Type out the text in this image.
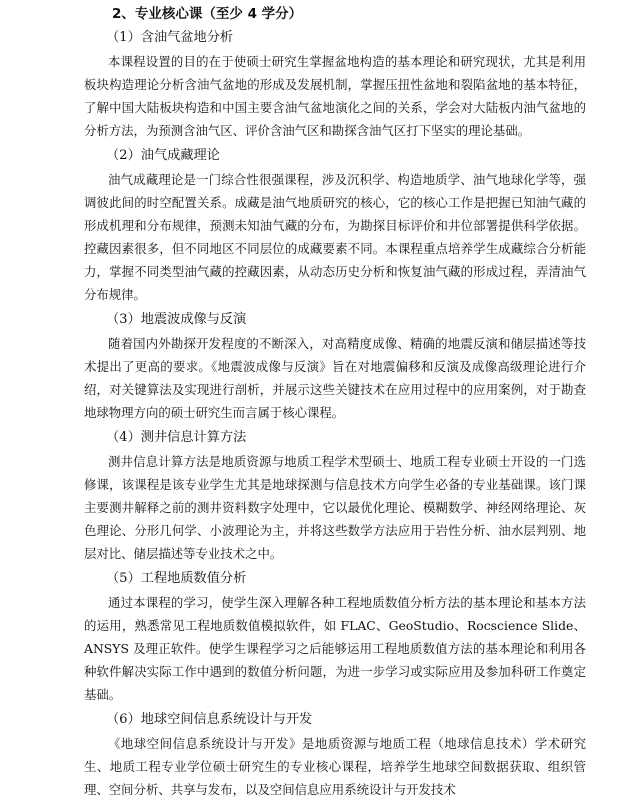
2、专业核心课（至少 4 学分）
（1）含油气盆地分析

本课程设置的目的在于使硕士研究生掌握盆地构造的基本理论和研究现状，尤其是利用板块构造理论分析含油气盆地的形成及发展机制，掌握压扭性盆地和裂陷盆地的基本特征，了解中国大陆板块构造和中国主要含油气盆地演化之间的关系，学会对大陆板内油气盆地的分析方法，为预测含油气区、评价含油气区和勘探含油气区打下坚实的理论基础。

（2）油气成藏理论

油气成藏理论是一门综合性很强课程，涉及沉积学、构造地质学、油气地球化学等，强调彼此间的时空配置关系。成藏是油气地质研究的核心，它的核心工作是把握已知油气藏的形成机理和分布规律，预测未知油气藏的分布，为勘探目标评价和井位部署提供科学依据。控藏因素很多，但不同地区不同层位的成藏要素不同。本课程重点培养学生成藏综合分析能力，掌握不同类型油气藏的控藏因素，从动态历史分析和恢复油气藏的形成过程，弄清油气分布规律。

（3）地震波成像与反演

随着国内外勘探开发程度的不断深入，对高精度成像、精确的地震反演和储层描述等技术提出了更高的要求。《地震波成像与反演》旨在对地震偏移和反演及成像高级理论进行介绍，对关键算法及实现进行剖析，并展示这些关键技术在应用过程中的应用案例，对于勘查地球物理方向的硕士研究生而言属于核心课程。

（4）测井信息计算方法

测井信息计算方法是地质资源与地质工程学术型硕士、地质工程专业硕士开设的一门选修课，该课程是该专业学生尤其是地球探测与信息技术方向学生必备的专业基础课。该门课主要测井解释之前的测井资料数字处理中，它以最优化理论、模糊数学、神经网络理论、灰色理论、分形几何学、小波理论为主，并将这些数学方法应用于岩性分析、油水层判别、地层对比、储层描述等专业技术之中。

（5）工程地质数值分析

通过本课程的学习，使学生深入理解各种工程地质数值分析方法的基本理论和基本方法的运用，熟悉常见工程地质数值模拟软件，如 FLAC、GeoStudio、Rocscience Slide、ANSYS 及理正软件。使学生课程学习之后能够运用工程地质数值方法的基本理论和利用各种软件解决实际工作中遇到的数值分析问题，为进一步学习或实际应用及参加科研工作奠定基础。

（6）地球空间信息系统设计与开发

《地球空间信息系统设计与开发》是地质资源与地质工程（地球信息技术）学术研究生、地质工程专业学位硕士研究生的专业核心课程，培养学生地球空间数据获取、组织管理、空间分析、共享与发布，以及空间信息应用系统设计与开发技术
